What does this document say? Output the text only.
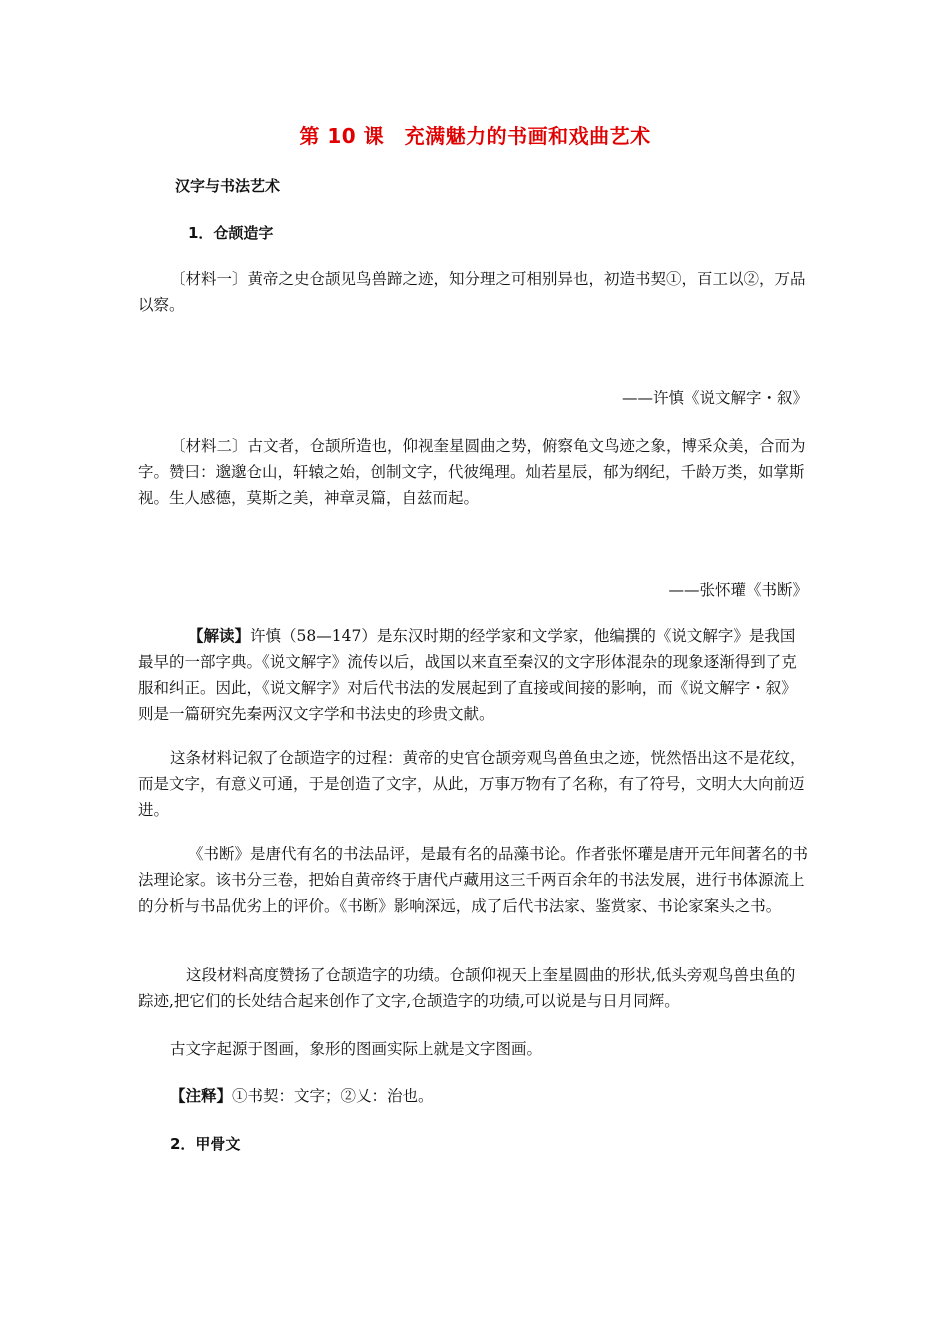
第 10 课　充满魅力的书画和戏曲艺术
汉字与书法艺术
1．仓颉造字
〔材料一〕黄帝之史仓颉见鸟兽蹄之迹，知分理之可相别异也，初造书契①，百工以②，万品以察。
——许慎《说文解字・叙》
〔材料二〕古文者，仓颉所造也，仰视奎星圆曲之势，俯察龟文鸟迹之象，博采众美，合而为字。赞曰：邈邈仓山，轩辕之始，创制文字，代彼绳理。灿若星辰，郁为纲纪，千龄万类，如掌斯视。生人感德，莫斯之美，神章灵篇，自兹而起。
——张怀瓘《书断》
【解读】许慎（58—147）是东汉时期的经学家和文学家，他编撰的《说文解字》是我国最早的一部字典。《说文解字》流传以后，战国以来直至秦汉的文字形体混杂的现象逐渐得到了克服和纠正。因此，《说文解字》对后代书法的发展起到了直接或间接的影响，而《说文解字・叙》则是一篇研究先秦两汉文字学和书法史的珍贵文献。
这条材料记叙了仓颉造字的过程：黄帝的史官仓颉旁观鸟兽鱼虫之迹，恍然悟出这不是花纹，而是文字，有意义可通，于是创造了文字，从此，万事万物有了名称，有了符号，文明大大向前迈进。
《书断》是唐代有名的书法品评，是最有名的品藻书论。作者张怀瓘是唐开元年间著名的书法理论家。该书分三卷，把始自黄帝终于唐代卢藏用这三千两百余年的书法发展，进行书体源流上的分析与书品优劣上的评价。《书断》影响深远，成了后代书法家、鉴赏家、书论家案头之书。
这段材料高度赞扬了仓颉造字的功绩。仓颉仰视天上奎星圆曲的形状,低头旁观鸟兽虫鱼的踪迹,把它们的长处结合起来创作了文字,仓颉造字的功绩,可以说是与日月同辉。
古文字起源于图画，象形的图画实际上就是文字图画。
【注释】①书契：文字；②乂：治也。
2．甲骨文
